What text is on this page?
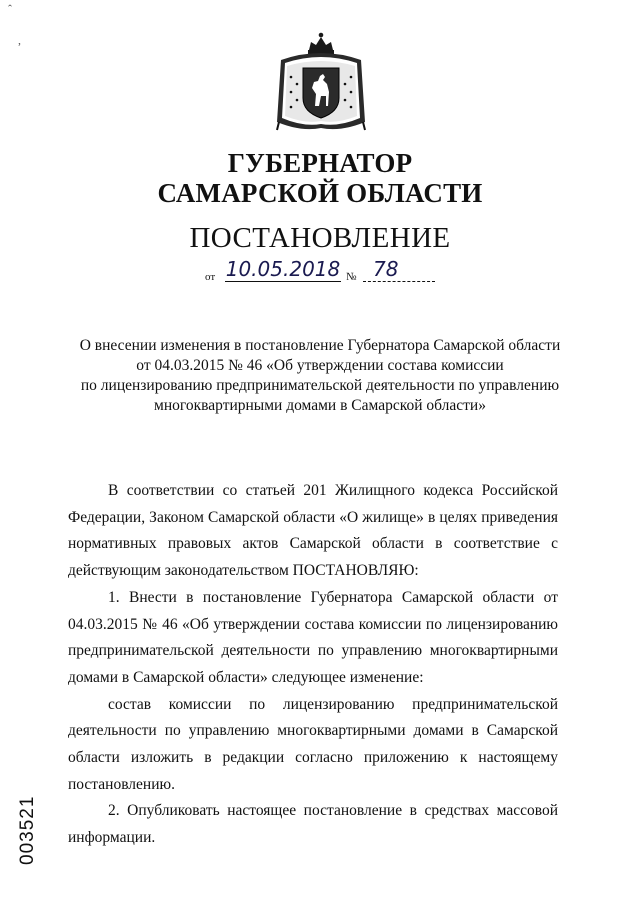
,
ГУБЕРНАТОР
САМАРСКОЙ ОБЛАСТИ
ПОСТАНОВЛЕНИЕ
от 10.05.2018 № 78
О внесении изменения в постановление Губернатора Самарской области
от 04.03.2015 № 46 «Об утверждении состава комиссии
по лицензированию предпринимательской деятельности по управлению
многоквартирными домами в Самарской области»
В соответствии со статьей 201 Жилищного кодекса Российской Федерации, Законом Самарской области «О жилище» в целях приведения нормативных правовых актов Самарской области в соответствие с действующим законодательством ПОСТАНОВЛЯЮ:
1. Внести в постановление Губернатора Самарской области от 04.03.2015 № 46 «Об утверждении состава комиссии по лицензированию предпринимательской деятельности по управлению многоквартирными домами в Самарской области» следующее изменение:
состав комиссии по лицензированию предпринимательской деятельности по управлению многоквартирными домами в Самарской области изложить в редакции согласно приложению к настоящему постановлению.
2. Опубликовать настоящее постановление в средствах массовой информации.
003521
